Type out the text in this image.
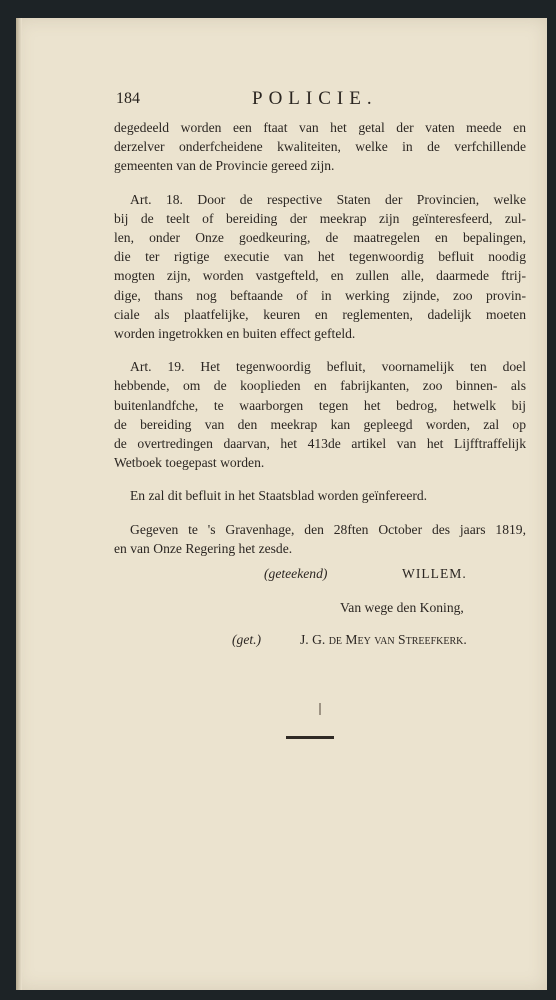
184	POLICIE.

degedeeld worden een ftaat van het getal der vaten meede en
derzelver onderfcheidene kwaliteiten, welke in de verfchillende
gemeenten van de Provincie gereed zijn.

Art. 18. Door de respective Staten der Provincien, welke
bij de teelt of bereiding der meekrap zijn geïnteresfeerd, zul-
len, onder Onze goedkeuring, de maatregelen en bepalingen,
die ter rigtige executie van het tegenwoordig befluit noodig
mogten zijn, worden vastgefteld, en zullen alle, daarmede ftrij-
dige, thans nog beftaande of in werking zijnde, zoo provin-
ciale als plaatfelijke, keuren en reglementen, dadelijk moeten
worden ingetrokken en buiten effect gefteld.

Art. 19. Het tegenwoordig befluit, voornamelijk ten doel
hebbende, om de kooplieden en fabrijkanten, zoo binnen- als
buitenlandfche, te waarborgen tegen het bedrog, hetwelk bij
de bereiding van den meekrap kan gepleegd worden, zal op
de overtredingen daarvan, het 413de artikel van het Lijfftraffelijk
Wetboek toegepast worden.

En zal dit befluit in het Staatsblad worden geïnfereerd.

Gegeven te 's Gravenhage, den 28ften October des jaars 1819,
en van Onze Regering het zesde.

(geteekend)	WILLEM.
Van wege den Koning,
(get.)	J. G. de Mey van Streefkerk.
